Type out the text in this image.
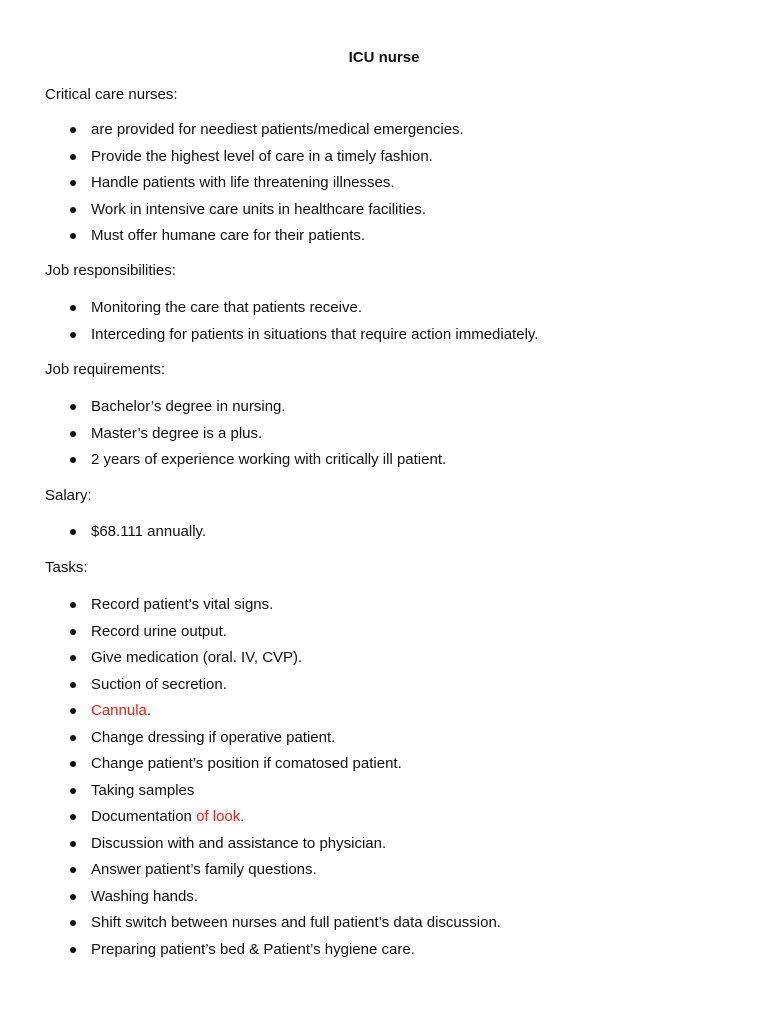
ICU nurse
Critical care nurses:
are provided for neediest patients/medical emergencies.
Provide the highest level of care in a timely fashion.
Handle patients with life threatening illnesses.
Work in intensive care units in healthcare facilities.
Must offer humane care for their patients.
Job responsibilities:
Monitoring the care that patients receive.
Interceding for patients in situations that require action immediately.
Job requirements:
Bachelor’s degree in nursing.
Master’s degree is a plus.
2 years of experience working with critically ill patient.
Salary:
$68.111 annually.
Tasks:
Record patient’s vital signs.
Record urine output.
Give medication (oral. IV, CVP).
Suction of secretion.
Cannula.
Change dressing if operative patient.
Change patient’s position if comatosed patient.
Taking samples
Documentation of look.
Discussion with and assistance to physician.
Answer patient’s family questions.
Washing hands.
Shift switch between nurses and full patient’s data discussion.
Preparing patient’s bed & Patient’s hygiene care.
